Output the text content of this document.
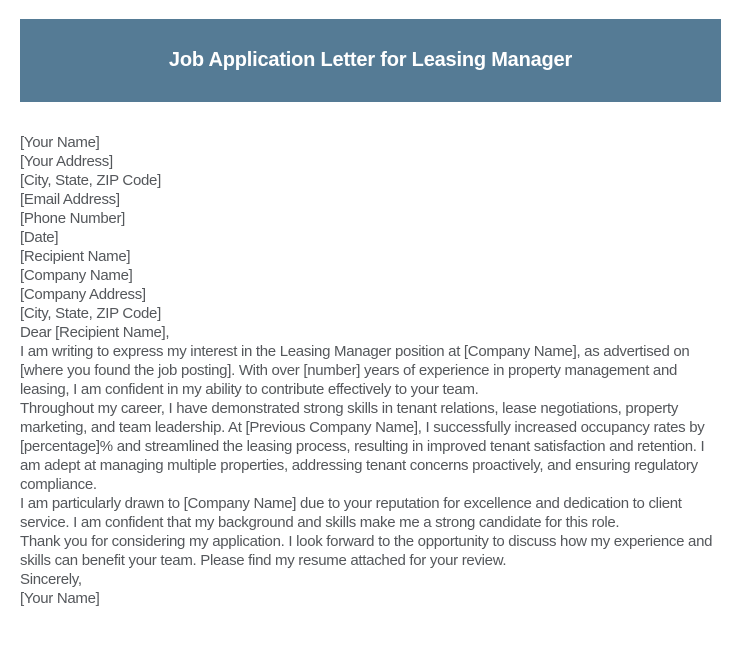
Job Application Letter for Leasing Manager
[Your Name]
[Your Address]
[City, State, ZIP Code]
[Email Address]
[Phone Number]
[Date]
[Recipient Name]
[Company Name]
[Company Address]
[City, State, ZIP Code]
Dear [Recipient Name],

I am writing to express my interest in the Leasing Manager position at [Company Name], as advertised on [where you found the job posting]. With over [number] years of experience in property management and leasing, I am confident in my ability to contribute effectively to your team.

Throughout my career, I have demonstrated strong skills in tenant relations, lease negotiations, property marketing, and team leadership. At [Previous Company Name], I successfully increased occupancy rates by [percentage]% and streamlined the leasing process, resulting in improved tenant satisfaction and retention. I am adept at managing multiple properties, addressing tenant concerns proactively, and ensuring regulatory compliance.

I am particularly drawn to [Company Name] due to your reputation for excellence and dedication to client service. I am confident that my background and skills make me a strong candidate for this role.

Thank you for considering my application. I look forward to the opportunity to discuss how my experience and skills can benefit your team. Please find my resume attached for your review.

Sincerely,
[Your Name]
